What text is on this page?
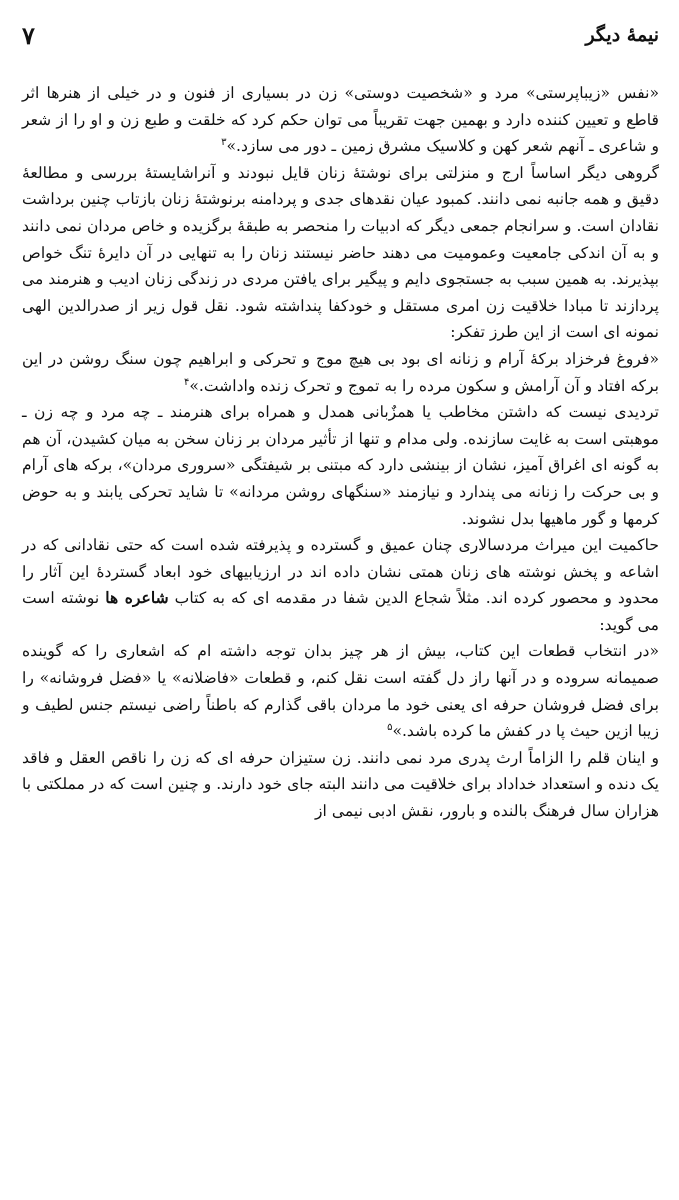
نیمهٔ دیگر
۷

«نفس «زیباپرستی» مرد و «شخصیت دوستی» زن در بسیاری از فنون و در خیلی از هنرها اثر قاطع و تعیین کننده دارد و بهمین جهت تقریباً می توان حکم کرد که خلقت و طبع زن و او را از شعر و شاعری ـ آنهم شعر کهن و کلاسیک مشرق زمین ـ دور می سازد.»$^۳$

گروهی دیگر اساساً ارج و منزلتی برای نوشتهٔ زنان قایل نبودند و آنراشایستهٔ بررسی و مطالعهٔ دقیق و همه جانبه نمی دانند. کمبود عیان نقدهای جدی و پردامنه برنوشتهٔ زنان بازتاب چنین برداشت نقادان است. و سرانجام جمعی دیگر که ادبیات را منحصر به طبقهٔ برگزیده و خاص مردان نمی دانند و به آن اندکی جامعیت وعمومیت می دهند حاضر نیستند زنان را به تنهایی در آن دایرهٔ تنگ خواص بپذیرند. به همین سبب به جستجوی دایم و پیگیر برای یافتن مردی در زندگی زنان ادیب و هنرمند می پردازند تا مبادا خلاقیت زن امری مستقل و خودکفا پنداشته شود. نقل قول زیر از صدرالدین الهی نمونه ای است از این طرز تفکر:

«فروغ فرخزاد برکهٔ آرام و زنانه ای بود بی هیچ موج و تحرکی و ابراهیم چون سنگ روشن در این برکه افتاد و آن آرامش و سکون مرده را به تموج و تحرک زنده واداشت.»$^۴$

تردیدی نیست که داشتن مخاطب یا همزٌبانی همدل و همراه برای هنرمند ـ چه مرد و چه زن ـ موهبتی است به غایت سازنده. ولی مدام و تنها از تأثیر مردان بر زنان سخن به میان کشیدن، آن هم به گونه ای اغراق آمیز، نشان از بینشی دارد که مبتنی بر شیفتگی «سروری مردان»، برکه های آرام و بی حرکت را زنانه می پندارد و نیازمند «سنگهای روشن مردانه» تا شاید تحرکی یابند و به حوض کرمها و گور ماهیها بدل نشوند.

حاکمیت این میراث مردسالاری چنان عمیق و گسترده و پذیرفته شده است که حتی نقادانی که در اشاعه و پخش نوشته های زنان همتی نشان داده اند در ارزیابیهای خود ابعاد گستردهٔ این آثار را محدود و محصور کرده اند. مثلاً شجاع الدین شفا در مقدمه ای که به کتاب شاعره ها نوشته است می گوید:

«در انتخاب قطعات این کتاب، بیش از هر چیز بدان توجه داشته ام که اشعاری را که گوینده صمیمانه سروده و در آنها راز دل گفته است نقل کنم، و قطعات «فاضلانه» یا «فضل فروشانه» را برای فضل فروشان حرفه ای یعنی خود ما مردان باقی گذارم که باطناً راضی نیستم جنس لطیف و زیبا ازین حیث پا در کفش ما کرده باشد.»$^۵$

و اینان قلم را الزاماً ارث پدری مرد نمی دانند. زن ستیزان حرفه ای که زن را ناقص العقل و فاقد یک دنده و استعداد خداداد برای خلاقیت می دانند البته جای خود دارند. و چنین است که در مملکتی با هزاران سال فرهنگ بالنده و بارور، نقش ادبی نیمی از
